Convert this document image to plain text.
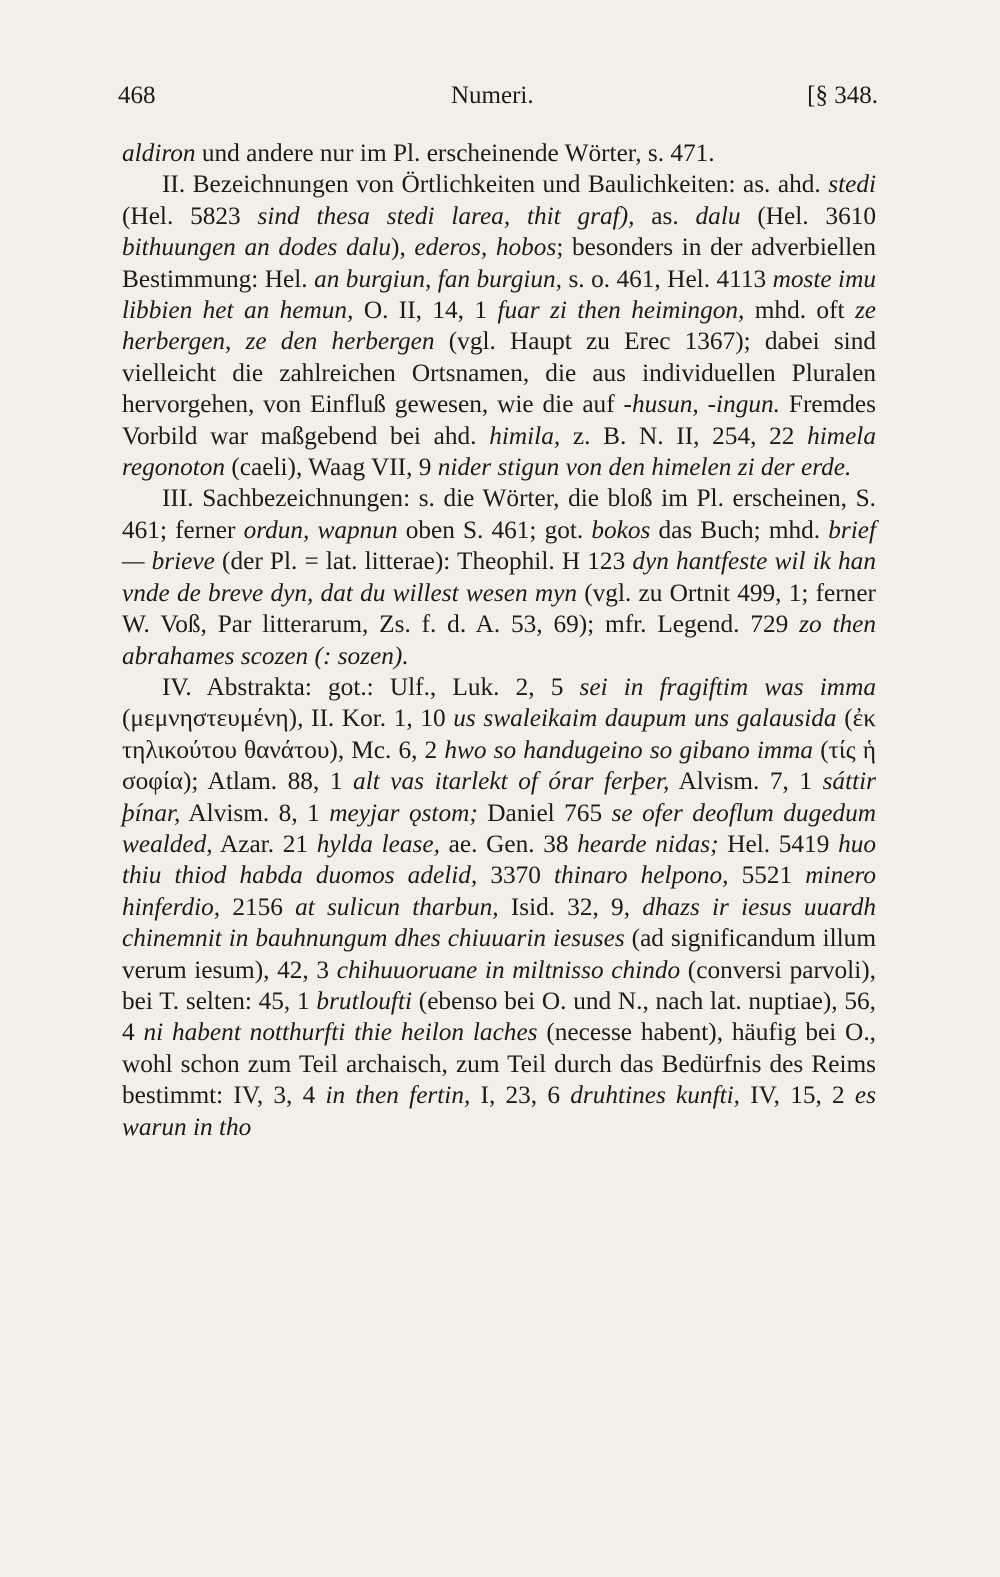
468	Numeri.	[§ 348.

aldiron und andere nur im Pl. erscheinende Wörter, s. 471.

II. Bezeichnungen von Örtlichkeiten und Baulichkeiten: as. ahd. stedi (Hel. 5823 sind thesa stedi larea, thit graf), as. dalu (Hel. 3610 bithuungen an dodes dalu), ederos, hobos; besonders in der adverbiellen Bestimmung: Hel. an burgiun, fan burgiun, s. o. 461, Hel. 4113 moste imu libbien het an hemun, O. II, 14, 1 fuar zi then heimingon, mhd. oft ze herbergen, ze den herbergen (vgl. Haupt zu Erec 1367); dabei sind vielleicht die zahlreichen Ortsnamen, die aus individuellen Pluralen hervorgehen, von Einfluß gewesen, wie die auf -husun, -ingun. Fremdes Vorbild war maßgebend bei ahd. himila, z. B. N. II, 254, 22 himela regonoton (caeli), Waag VII, 9 nider stigun von den himelen zi der erde.

III. Sachbezeichnungen: s. die Wörter, die bloß im Pl. erscheinen, S. 461; ferner ordun, wapnun oben S. 461; got. bokos das Buch; mhd. brief — brieve (der Pl. = lat. litterae): Theophil. H 123 dyn hantfeste wil ik han vnde de breve dyn, dat du willest wesen myn (vgl. zu Ortnit 499, 1; ferner W. Voß, Par litterarum, Zs. f. d. A. 53, 69); mfr. Legend. 729 zo then abrahames scozen (: sozen).

IV. Abstrakta: got.: Ulf., Luk. 2, 5 sei in fragiftim was imma (μεμνηστευμένη), II. Kor. 1, 10 us swaleikaim daupum uns galausida (ἐκ τηλικούτου θανάτου), Mc. 6, 2 hwo so handugeino so gibano imma (τίς ἡ σοφία); Atlam. 88, 1 alt vas itarlekt of órar ferþer, Alvism. 7, 1 sáttir þínar, Alvism. 8, 1 meyjar ǫstom; Daniel 765 se ofer deoflum dugedum wealded, Azar. 21 hylda lease, ae. Gen. 38 hearde nidas; Hel. 5419 huo thiu thiod habda duomos adelid, 3370 thinaro helpono, 5521 minero hinferdio, 2156 at sulicun tharbun, Isid. 32, 9, dhazs ir iesus uuardh chinemnit in bauhnungum dhes chiuuarin iesuses (ad significandum illum verum iesum), 42, 3 chihuuoruane in miltnisso chindo (conversi parvoli), bei T. selten: 45, 1 brutloufti (ebenso bei O. und N., nach lat. nuptiae), 56, 4 ni habent notthurfti thie heilon laches (necesse habent), häufig bei O., wohl schon zum Teil archaisch, zum Teil durch das Bedürfnis des Reims bestimmt: IV, 3, 4 in then fertin, I, 23, 6 druhtines kunfti, IV, 15, 2 es warun in tho
